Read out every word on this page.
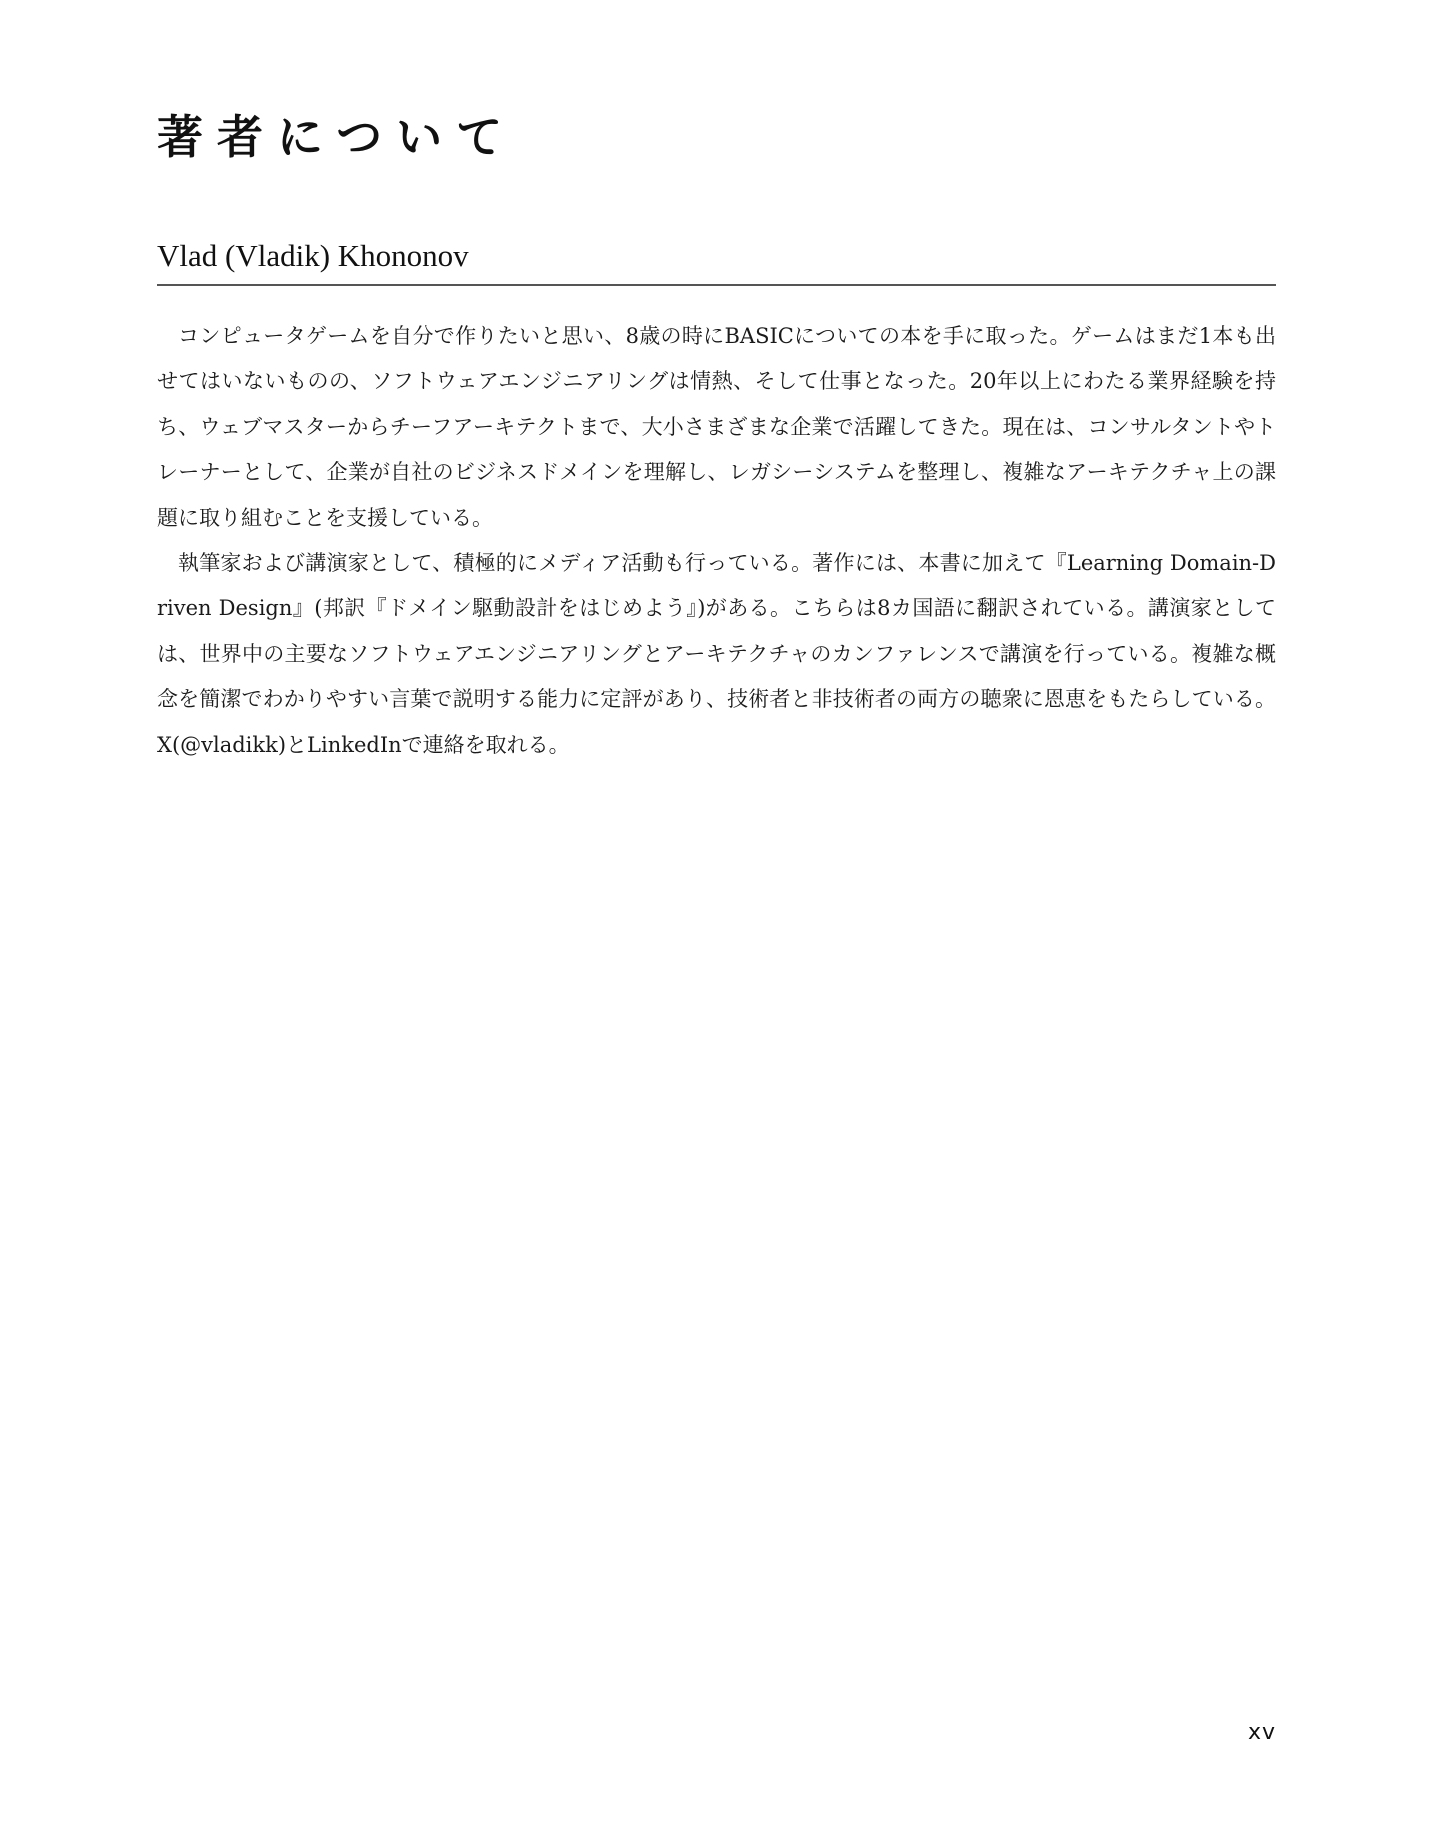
著者について
Vlad (Vladik) Khononov

コンピュータゲームを自分で作りたいと思い、8歳の時にBASICについての本を手に取った。ゲームはまだ1本も出せてはいないものの、ソフトウェアエンジニアリングは情熱、そして仕事となった。20年以上にわたる業界経験を持ち、ウェブマスターからチーフアーキテクトまで、大小さまざまな企業で活躍してきた。現在は、コンサルタントやトレーナーとして、企業が自社のビジネスドメインを理解し、レガシーシステムを整理し、複雑なアーキテクチャ上の課題に取り組むことを支援している。

執筆家および講演家として、積極的にメディア活動も行っている。著作には、本書に加えて『Learning Domain-Driven Design』(邦訳『ドメイン駆動設計をはじめよう』)がある。こちらは8カ国語に翻訳されている。講演家としては、世界中の主要なソフトウェアエンジニアリングとアーキテクチャのカンファレンスで講演を行っている。複雑な概念を簡潔でわかりやすい言葉で説明する能力に定評があり、技術者と非技術者の両方の聴衆に恩恵をもたらしている。X(@vladikk)とLinkedInで連絡を取れる。

xv
